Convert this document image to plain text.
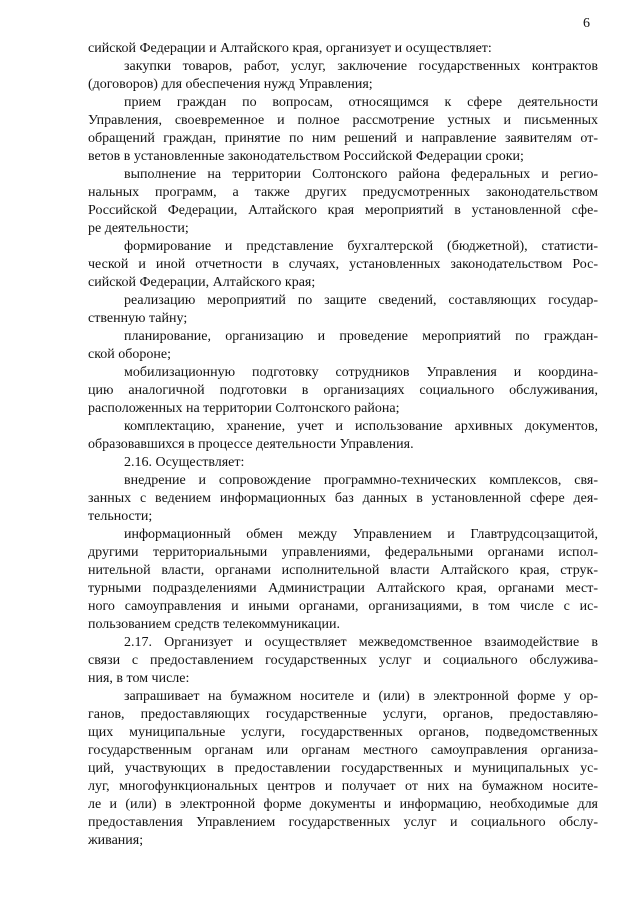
6
сийской Федерации и Алтайского края, организует и осуществляет:
закупки товаров, работ, услуг, заключение государственных контрактов
(договоров) для обеспечения нужд Управления;
прием граждан по вопросам, относящимся к сфере деятельности
Управления, своевременное и полное рассмотрение устных и письменных
обращений граждан, принятие по ним решений и направление заявителям от-
ветов в установленные законодательством Российской Федерации сроки;
выполнение на территории Солтонского района федеральных и регио-
нальных программ, а также других предусмотренных законодательством
Российской Федерации, Алтайского края мероприятий в установленной сфе-
ре деятельности;
формирование и представление бухгалтерской (бюджетной), статисти-
ческой и иной отчетности в случаях, установленных законодательством Рос-
сийской Федерации, Алтайского края;
реализацию мероприятий по защите сведений, составляющих государ-
ственную тайну;
планирование, организацию и проведение мероприятий по граждан-
ской обороне;
мобилизационную подготовку сотрудников Управления и координа-
цию аналогичной подготовки в организациях социального обслуживания,
расположенных на территории Солтонского района;
комплектацию, хранение, учет и использование архивных документов,
образовавшихся в процессе деятельности Управления.
2.16. Осуществляет:
внедрение и сопровождение программно-технических комплексов, свя-
занных с ведением информационных баз данных в установленной сфере дея-
тельности;
информационный обмен между Управлением и Главтрудсоцзащитой,
другими территориальными управлениями, федеральными органами испол-
нительной власти, органами исполнительной власти Алтайского края, струк-
турными подразделениями Администрации Алтайского края, органами мест-
ного самоуправления и иными органами, организациями, в том числе с ис-
пользованием средств телекоммуникации.
2.17. Организует и осуществляет межведомственное взаимодействие в
связи с предоставлением государственных услуг и социального обслужива-
ния, в том числе:
запрашивает на бумажном носителе и (или) в электронной форме у ор-
ганов, предоставляющих государственные услуги, органов, предоставляю-
щих муниципальные услуги, государственных органов, подведомственных
государственным органам или органам местного самоуправления организа-
ций, участвующих в предоставлении государственных и муниципальных ус-
луг, многофункциональных центров и получает от них на бумажном носите-
ле и (или) в электронной форме документы и информацию, необходимые для
предоставления Управлением государственных услуг и социального обслу-
живания;
